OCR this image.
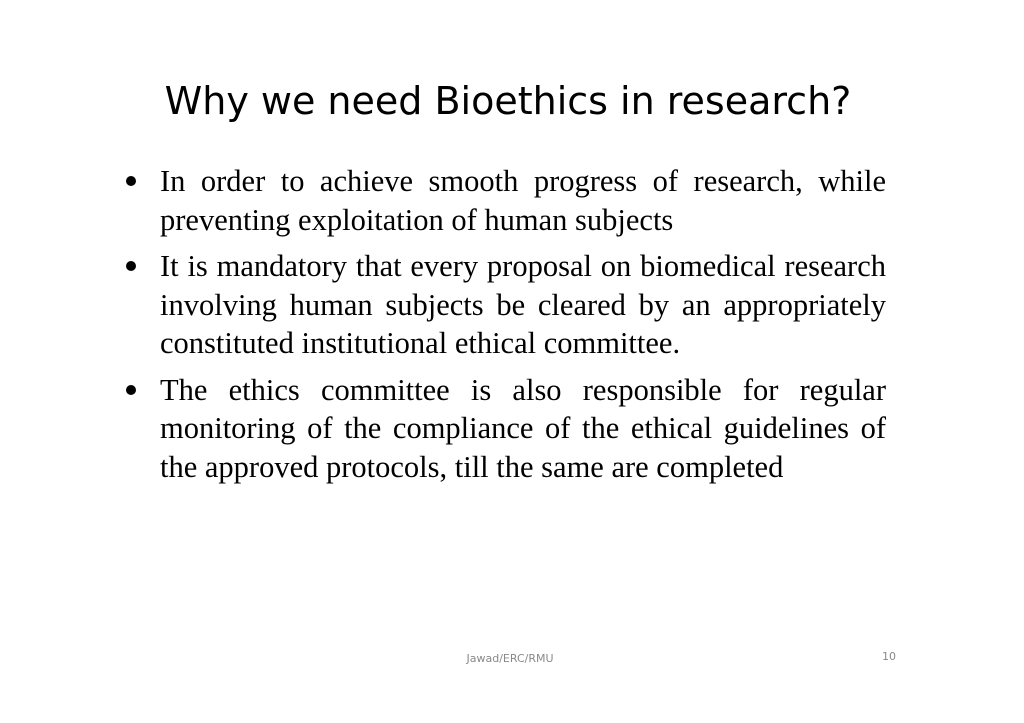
Why we need Bioethics in research?
In order to achieve smooth progress of research, while preventing exploitation of human subjects
It is mandatory that every proposal on biomedical research involving human subjects be cleared by an appropriately constituted institutional ethical committee.
The ethics committee is also responsible for regular monitoring of the compliance of the ethical guidelines of the approved protocols, till the same are completed
Jawad/ERC/RMU	10
